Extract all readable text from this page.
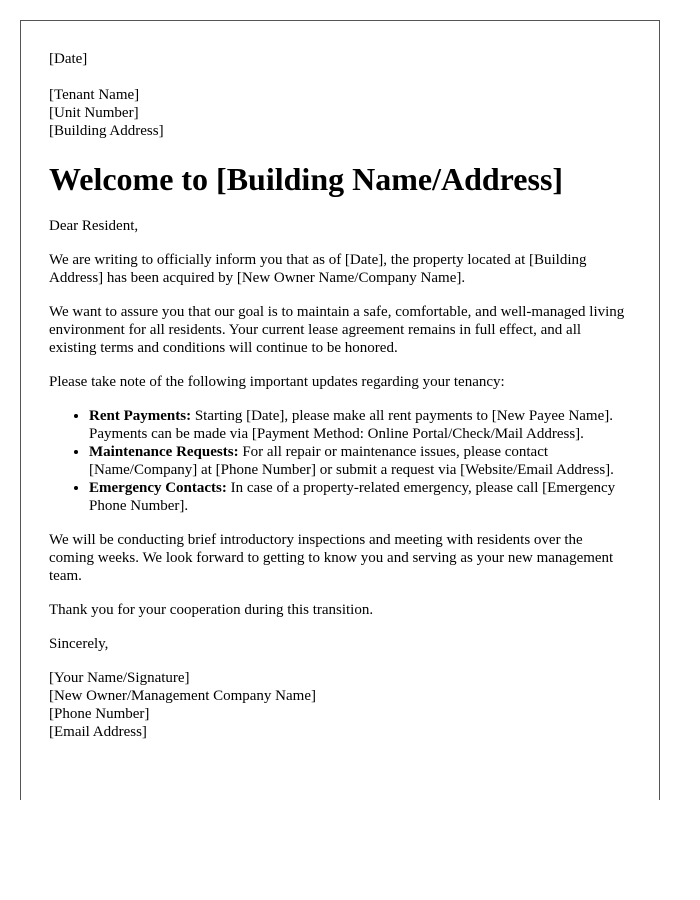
[Date]

[Tenant Name]

[Unit Number]

[Building Address]

Welcome to [Building Name/Address]

Dear Resident,

We are writing to officially inform you that as of [Date], the property located at [Building Address] has been acquired by [New Owner Name/Company Name].

We want to assure you that our goal is to maintain a safe, comfortable, and well-managed living environment for all residents. Your current lease agreement remains in full effect, and all existing terms and conditions will continue to be honored.

Please take note of the following important updates regarding your tenancy:

• Rent Payments: Starting [Date], please make all rent payments to [New Payee Name]. Payments can be made via [Payment Method: Online Portal/Check/Mail Address].
• Maintenance Requests: For all repair or maintenance issues, please contact [Name/Company] at [Phone Number] or submit a request via [Website/Email Address].
• Emergency Contacts: In case of a property-related emergency, please call [Emergency Phone Number].

We will be conducting brief introductory inspections and meeting with residents over the coming weeks. We look forward to getting to know you and serving as your new management team.

Thank you for your cooperation during this transition.

Sincerely,

[Your Name/Signature]

[New Owner/Management Company Name]

[Phone Number]

[Email Address]
